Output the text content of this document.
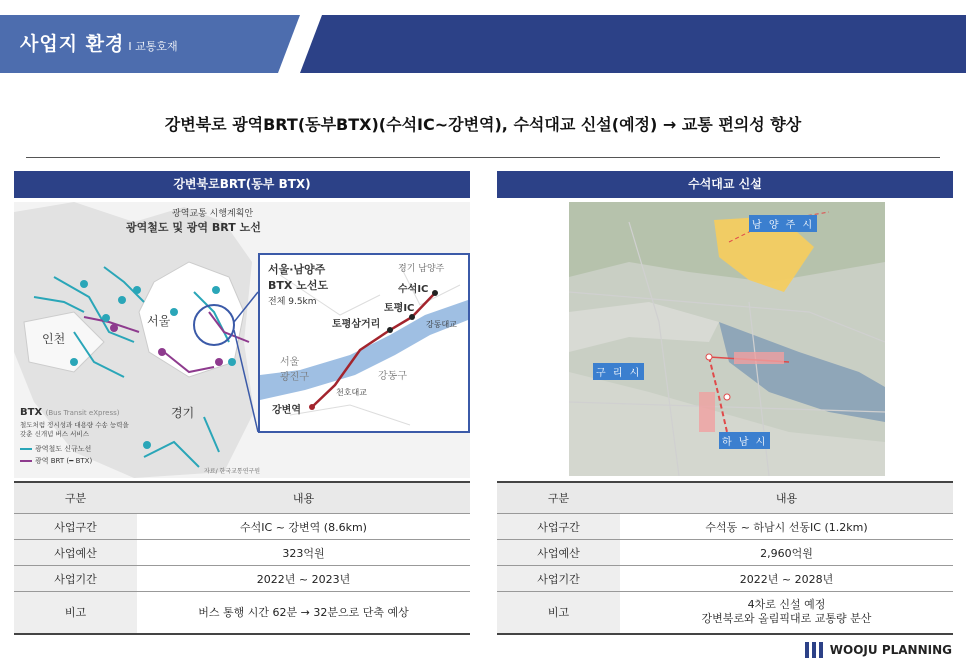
사업지 환경 I 교통호재
강변북로 광역BRT(동부BTX)(수석IC~강변역), 수석대교 신설(예정) → 교통 편의성 향상
강변북로BRT(동부 BTX)
광역교통 시행계획안
광역철도 및 광역 BRT 노선
인천
서울
경기
BTX (Bus Transit eXpress)
철도처럼 정시성과 대용량 수송 능력을
갖춘 신개념 버스 서비스
광역철도 신규노선
광역 BRT (━ BTX)
자료/ 한국교통연구원
서울·남양주
BTX 노선도
전체 9.5km
경기 남양주
수석IC
토평IC
토평삼거리	강동대교
서울
광진구	강동구
천호대교
강변역
구분	내용
사업구간	수석IC ~ 강변역 (8.6km)
사업예산	323억원
사업기간	2022년 ~ 2023년
비고	버스 통행 시간 62분 → 32분으로 단축 예상
수석대교 신설
남 양 주 시
구 리 시
하 남 시
구분	내용
사업구간	수석동 ~ 하남시 선동IC (1.2km)
사업예산	2,960억원
사업기간	2022년 ~ 2028년
비고	4차로 신설 예정
강변북로와 올림픽대로 교통량 분산
WOOJU PLANNING
